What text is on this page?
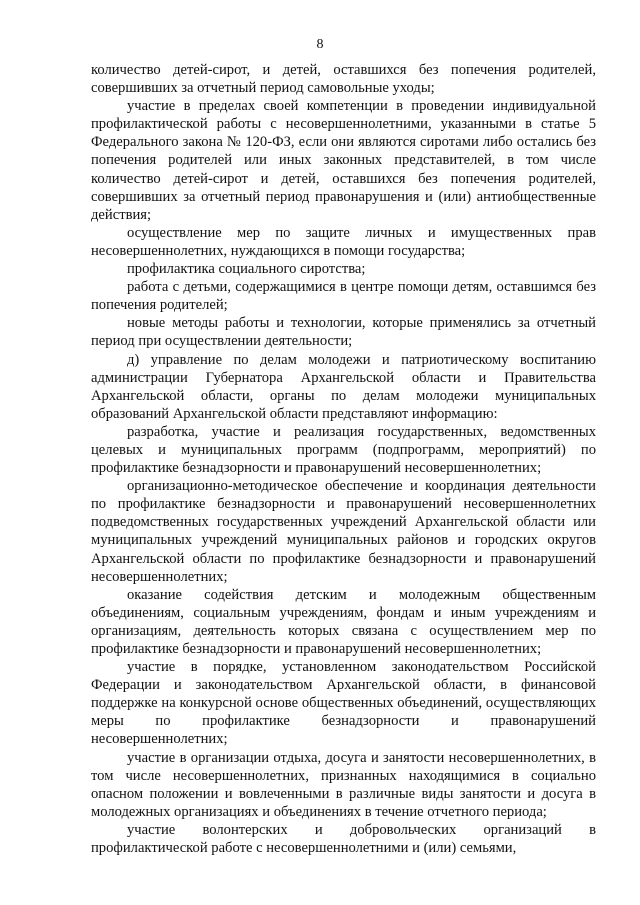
8

количество детей-сирот, и детей, оставшихся без попечения родителей, совершивших за отчетный период самовольные уходы;

участие в пределах своей компетенции в проведении индивидуальной профилактической работы с несовершеннолетними, указанными в статье 5 Федерального закона № 120-ФЗ, если они являются сиротами либо остались без попечения родителей или иных законных представителей, в том числе количество детей-сирот и детей, оставшихся без попечения родителей, совершивших за отчетный период правонарушения и (или) антиобщественные действия;

осуществление мер по защите личных и имущественных прав несовершеннолетних, нуждающихся в помощи государства;

профилактика социального сиротства;

работа с детьми, содержащимися в центре помощи детям, оставшимся без попечения родителей;

новые методы работы и технологии, которые применялись за отчетный период при осуществлении деятельности;

д) управление по делам молодежи и патриотическому воспитанию администрации Губернатора Архангельской области и Правительства Архангельской области, органы по делам молодежи муниципальных образований Архангельской области представляют информацию:

разработка, участие и реализация государственных, ведомственных целевых и муниципальных программ (подпрограмм, мероприятий) по профилактике безнадзорности и правонарушений несовершеннолетних;

организационно-методическое обеспечение и координация деятельности по профилактике безнадзорности и правонарушений несовершеннолетних подведомственных государственных учреждений Архангельской области или муниципальных учреждений муниципальных районов и городских округов Архангельской области по профилактике безнадзорности и правонарушений несовершеннолетних;

оказание содействия детским и молодежным общественным объединениям, социальным учреждениям, фондам и иным учреждениям и организациям, деятельность которых связана с осуществлением мер по профилактике безнадзорности и правонарушений несовершеннолетних;

участие в порядке, установленном законодательством Российской Федерации и законодательством Архангельской области, в финансовой поддержке на конкурсной основе общественных объединений, осуществляющих меры по профилактике безнадзорности и правонарушений несовершеннолетних;

участие в организации отдыха, досуга и занятости несовершеннолетних, в том числе несовершеннолетних, признанных находящимися в социально опасном положении и вовлеченными в различные виды занятости и досуга в молодежных организациях и объединениях в течение отчетного периода;

участие волонтерских и добровольческих организаций в профилактической работе с несовершеннолетними и (или) семьями,
